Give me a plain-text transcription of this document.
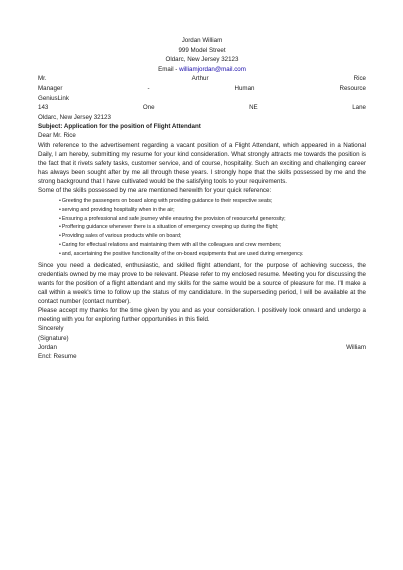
Jordan William
999 Model Street
Oldarc, New Jersey 32123
Email - williamjordan@mail.com
Mr.	Arthur	Rice
Manager	-	Human	Resource
GeniusLink
143	One	NE	Lane
Oldarc, New Jersey 32123
Subject: Application for the position of Flight Attendant
Dear Mr. Rice
With reference to the advertisement regarding a vacant position of a Flight Attendant, which appeared in a National Daily, I am hereby, submitting my resume for your kind consideration. What strongly attracts me towards the position is the fact that it rivets safety tasks, customer service, and of course, hospitality. Such an exciting and challenging career has always been sought after by me all through these years. I strongly hope that the skills possessed by me and the strong background that I have cultivated would be the satisfying tools to your requirements.
Some of the skills possessed by me are mentioned herewith for your quick reference:
• Greeting the passengers on board along with providing guidance to their respective seats;
• serving and providing hospitality when in the air;
• Ensuring a professional and safe journey while ensuring the provision of resourceful generosity;
• Proffering guidance whenever there is a situation of emergency creeping up during the flight;
• Providing sales of various products while on board;
• Caring for effectual relations and maintaining them with all the colleagues and crew members;
• and, ascertaining the positive functionality of the on-board equipments that are used during emergency.
Since you need a dedicated, enthusiastic, and skilled flight attendant, for the purpose of achieving success, the credentials owned by me may prove to be relevant. Please refer to my enclosed resume. Meeting you for discussing the wants for the position of a flight attendant and my skills for the same would be a source of pleasure for me. I'll make a call within a week's time to follow up the status of my candidature. In the superseding period, I will be available at the contact number (contact number).
Please accept my thanks for the time given by you and as your consideration. I positively look onward and undergo a meeting with you for exploring further opportunities in this field.
Sincerely
(Signature)
Jordan	William
Encl: Resume
